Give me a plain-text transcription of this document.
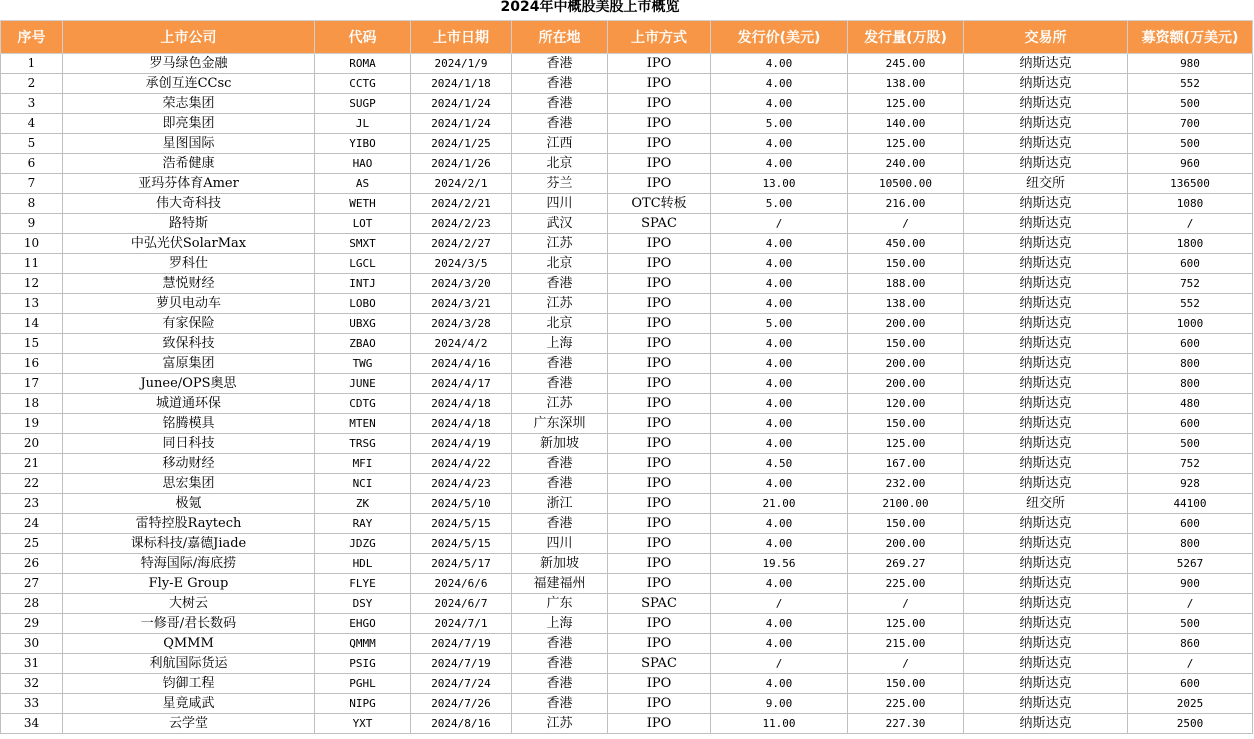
2024年中概股美股上市概览
序号	上市公司	代码	上市日期	所在地	上市方式	发行价(美元)	发行量(万股)	交易所	募资额(万美元)
1	罗马绿色金融	ROMA	2024/1/9	香港	IPO	4.00	245.00	纳斯达克	980
2	承创互连CCsc	CCTG	2024/1/18	香港	IPO	4.00	138.00	纳斯达克	552
3	荣志集团	SUGP	2024/1/24	香港	IPO	4.00	125.00	纳斯达克	500
4	即亮集团	JL	2024/1/24	香港	IPO	5.00	140.00	纳斯达克	700
5	星图国际	YIBO	2024/1/25	江西	IPO	4.00	125.00	纳斯达克	500
6	浩希健康	HAO	2024/1/26	北京	IPO	4.00	240.00	纳斯达克	960
7	亚玛芬体育Amer	AS	2024/2/1	芬兰	IPO	13.00	10500.00	纽交所	136500
8	伟大奇科技	WETH	2024/2/21	四川	OTC转板	5.00	216.00	纳斯达克	1080
9	路特斯	LOT	2024/2/23	武汉	SPAC	/	/	纳斯达克	/
10	中弘光伏SolarMax	SMXT	2024/2/27	江苏	IPO	4.00	450.00	纳斯达克	1800
11	罗科仕	LGCL	2024/3/5	北京	IPO	4.00	150.00	纳斯达克	600
12	慧悦财经	INTJ	2024/3/20	香港	IPO	4.00	188.00	纳斯达克	752
13	萝贝电动车	LOBO	2024/3/21	江苏	IPO	4.00	138.00	纳斯达克	552
14	有家保险	UBXG	2024/3/28	北京	IPO	5.00	200.00	纳斯达克	1000
15	致保科技	ZBAO	2024/4/2	上海	IPO	4.00	150.00	纳斯达克	600
16	富原集团	TWG	2024/4/16	香港	IPO	4.00	200.00	纳斯达克	800
17	Junee/OPS奥思	JUNE	2024/4/17	香港	IPO	4.00	200.00	纳斯达克	800
18	城道通环保	CDTG	2024/4/18	江苏	IPO	4.00	120.00	纳斯达克	480
19	铭腾模具	MTEN	2024/4/18	广东深圳	IPO	4.00	150.00	纳斯达克	600
20	同日科技	TRSG	2024/4/19	新加坡	IPO	4.00	125.00	纳斯达克	500
21	移动财经	MFI	2024/4/22	香港	IPO	4.50	167.00	纳斯达克	752
22	思宏集团	NCI	2024/4/23	香港	IPO	4.00	232.00	纳斯达克	928
23	极氪	ZK	2024/5/10	浙江	IPO	21.00	2100.00	纽交所	44100
24	雷特控股Raytech	RAY	2024/5/15	香港	IPO	4.00	150.00	纳斯达克	600
25	课标科技/嘉德Jiade	JDZG	2024/5/15	四川	IPO	4.00	200.00	纳斯达克	800
26	特海国际/海底捞	HDL	2024/5/17	新加坡	IPO	19.56	269.27	纳斯达克	5267
27	Fly-E Group	FLYE	2024/6/6	福建福州	IPO	4.00	225.00	纳斯达克	900
28	大树云	DSY	2024/6/7	广东	SPAC	/	/	纳斯达克	/
29	一修哥/君长数码	EHGO	2024/7/1	上海	IPO	4.00	125.00	纳斯达克	500
30	QMMM	QMMM	2024/7/19	香港	IPO	4.00	215.00	纳斯达克	860
31	利航国际货运	PSIG	2024/7/19	香港	SPAC	/	/	纳斯达克	/
32	钧御工程	PGHL	2024/7/24	香港	IPO	4.00	150.00	纳斯达克	600
33	星竟咸武	NIPG	2024/7/26	香港	IPO	9.00	225.00	纳斯达克	2025
34	云学堂	YXT	2024/8/16	江苏	IPO	11.00	227.30	纳斯达克	2500
